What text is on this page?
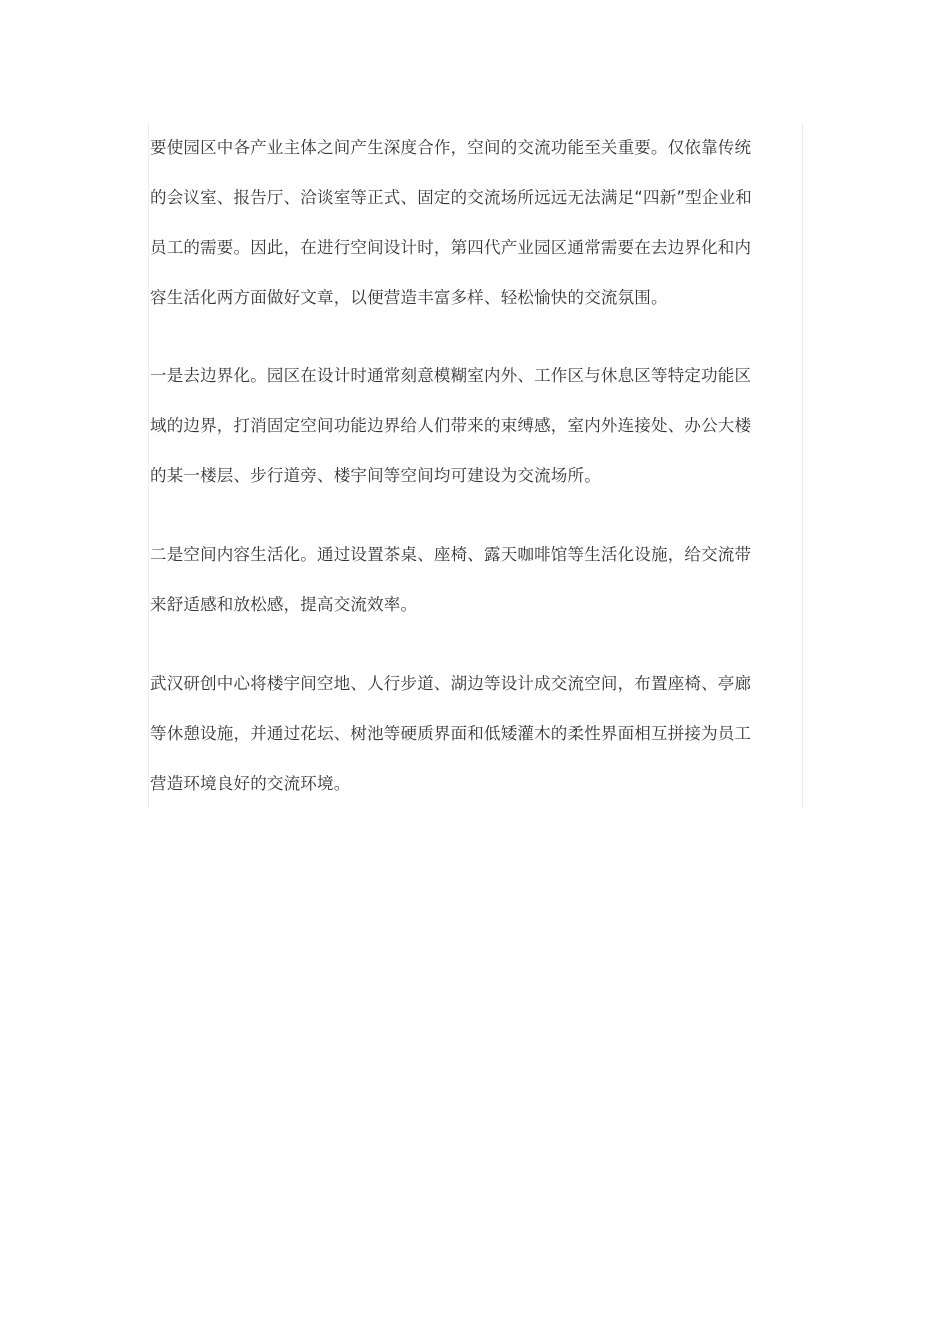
要使园区中各产业主体之间产生深度合作，空间的交流功能至关重要。仅依靠传统的会议室、报告厅、洽谈室等正式、固定的交流场所远远无法满足“四新”型企业和员工的需要。因此，在进行空间设计时，第四代产业园区通常需要在去边界化和内容生活化两方面做好文章，以便营造丰富多样、轻松愉快的交流氛围。

一是去边界化。园区在设计时通常刻意模糊室内外、工作区与休息区等特定功能区域的边界，打消固定空间功能边界给人们带来的束缚感，室内外连接处、办公大楼的某一楼层、步行道旁、楼宇间等空间均可建设为交流场所。

二是空间内容生活化。通过设置茶桌、座椅、露天咖啡馆等生活化设施，给交流带来舒适感和放松感，提高交流效率。

武汉研创中心将楼宇间空地、人行步道、湖边等设计成交流空间，布置座椅、亭廊等休憩设施，并通过花坛、树池等硬质界面和低矮灌木的柔性界面相互拼接为员工营造环境良好的交流环境。
